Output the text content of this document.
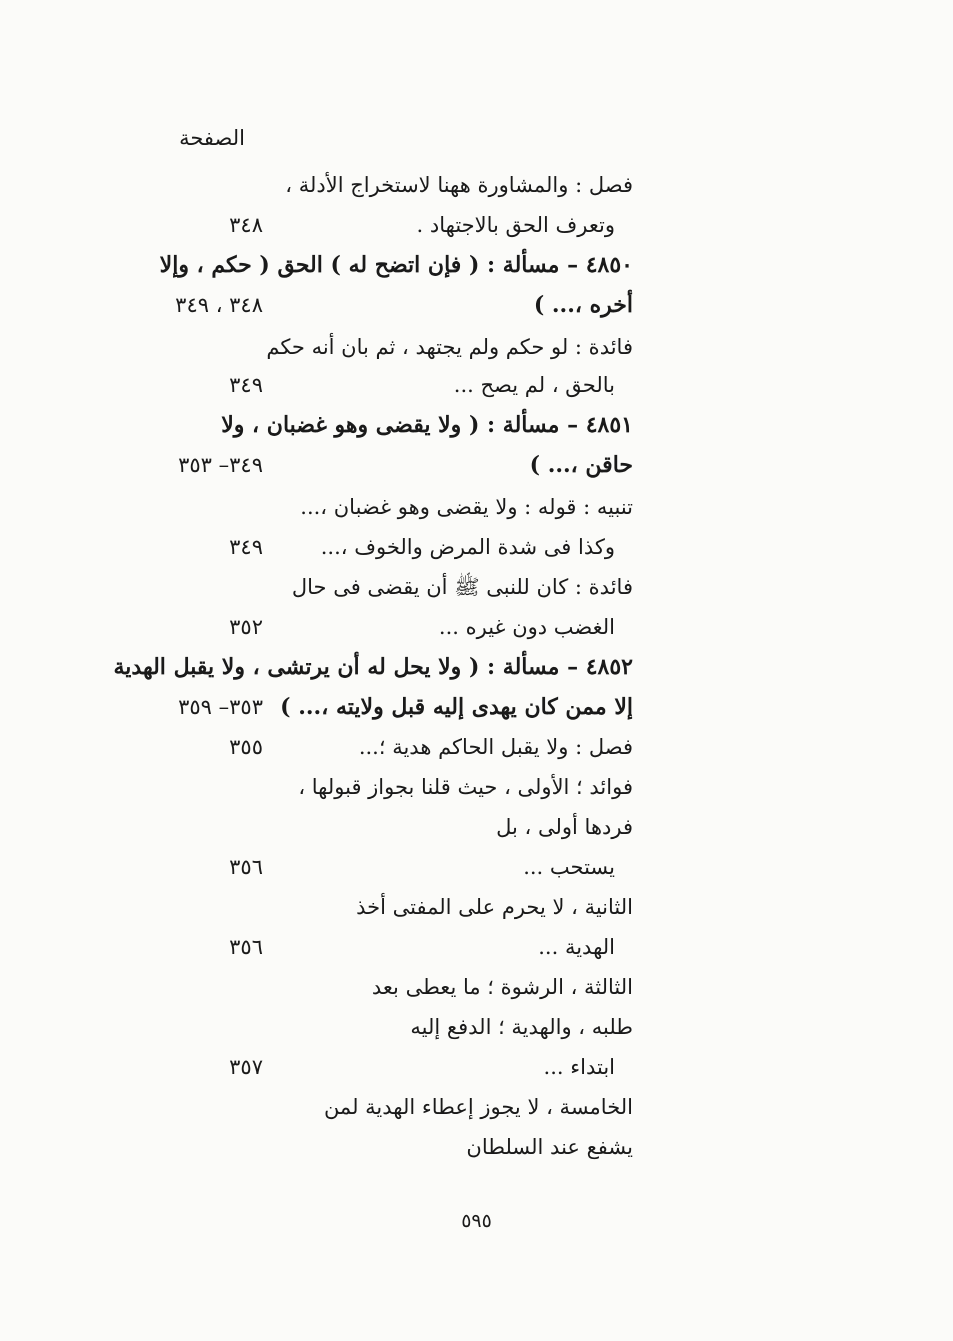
الصفحة
فصل : والمشاورة ههنا لاستخراج الأدلة ،
وتعرف الحق بالاجتهاد .
٣٤٨
٤٨٥٠ – مسألة : ( فإن اتضح له ) الحق ( حكم ، وإلا
أخره ،... )
٣٤٨ ، ٣٤٩
فائدة : لو حكم ولم يجتهد ، ثم بان أنه حكم
بالحق ، لم يصح ...
٣٤٩
٤٨٥١ – مسألة : ( ولا يقضى وهو غضبان ، ولا
حاقن ،... )
٣٤٩– ٣٥٣
تنبيه : قوله : ولا يقضى وهو غضبان ،...
وكذا فى شدة المرض والخوف ،...
٣٤٩
فائدة : كان للنبى ﷺ أن يقضى فى حال
الغضب دون غيره ...
٣٥٢
٤٨٥٢ – مسألة : ( ولا يحل له أن يرتشى ، ولا يقبل الهدية
إلا ممن كان يهدى إليه قبل ولايته ،... )
٣٥٣– ٣٥٩
فصل : ولا يقبل الحاكم هدية ؛...
٣٥٥
فوائد ؛ الأولى ، حيث قلنا بجواز قبولها ،
فردها أولى ، بل
يستحب ...
٣٥٦
الثانية ، لا يحرم على المفتى أخذ
الهدية ...
٣٥٦
الثالثة ، الرشوة ؛ ما يعطى بعد
طلبه ، والهدية ؛ الدفع إليه
ابتداء ...
٣٥٧
الخامسة ، لا يجوز إعطاء الهدية لمن
يشفع عند السلطان
٥٩٥
